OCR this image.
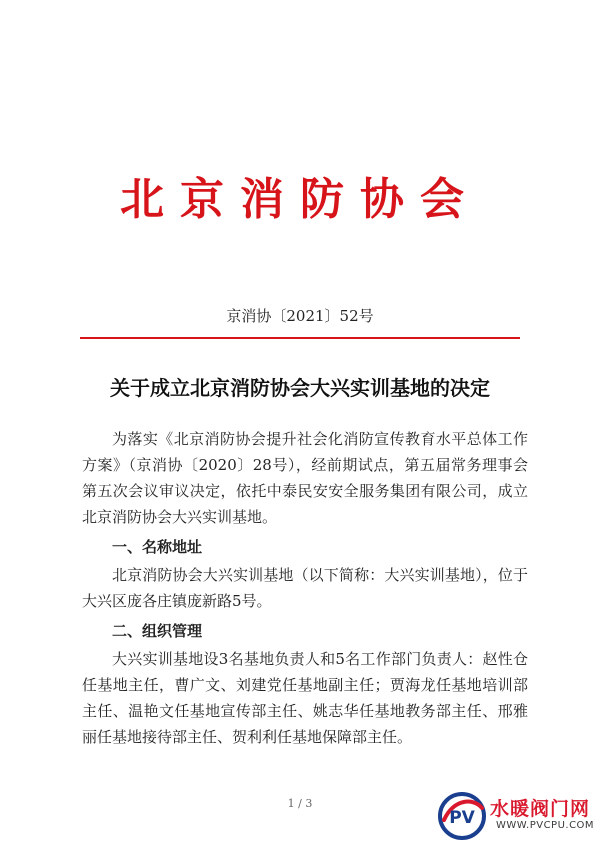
北京消防协会
京消协〔2021〕52号
关于成立北京消防协会大兴实训基地的决定

为落实《北京消防协会提升社会化消防宣传教育水平总体工作方案》（京消协〔2020〕28号），经前期试点，第五届常务理事会第五次会议审议决定，依托中泰民安安全服务集团有限公司，成立北京消防协会大兴实训基地。

一、名称地址

北京消防协会大兴实训基地（以下简称：大兴实训基地），位于大兴区庞各庄镇庞新路5号。

二、组织管理

大兴实训基地设3名基地负责人和5名工作部门负责人：赵性仓任基地主任，曹广文、刘建党任基地副主任；贾海龙任基地培训部主任、温艳文任基地宣传部主任、姚志华任基地教务部主任、邢雅丽任基地接待部主任、贺利利任基地保障部主任。

1 / 3
PV 水暖阀门网
WWW.PVCPU.COM
